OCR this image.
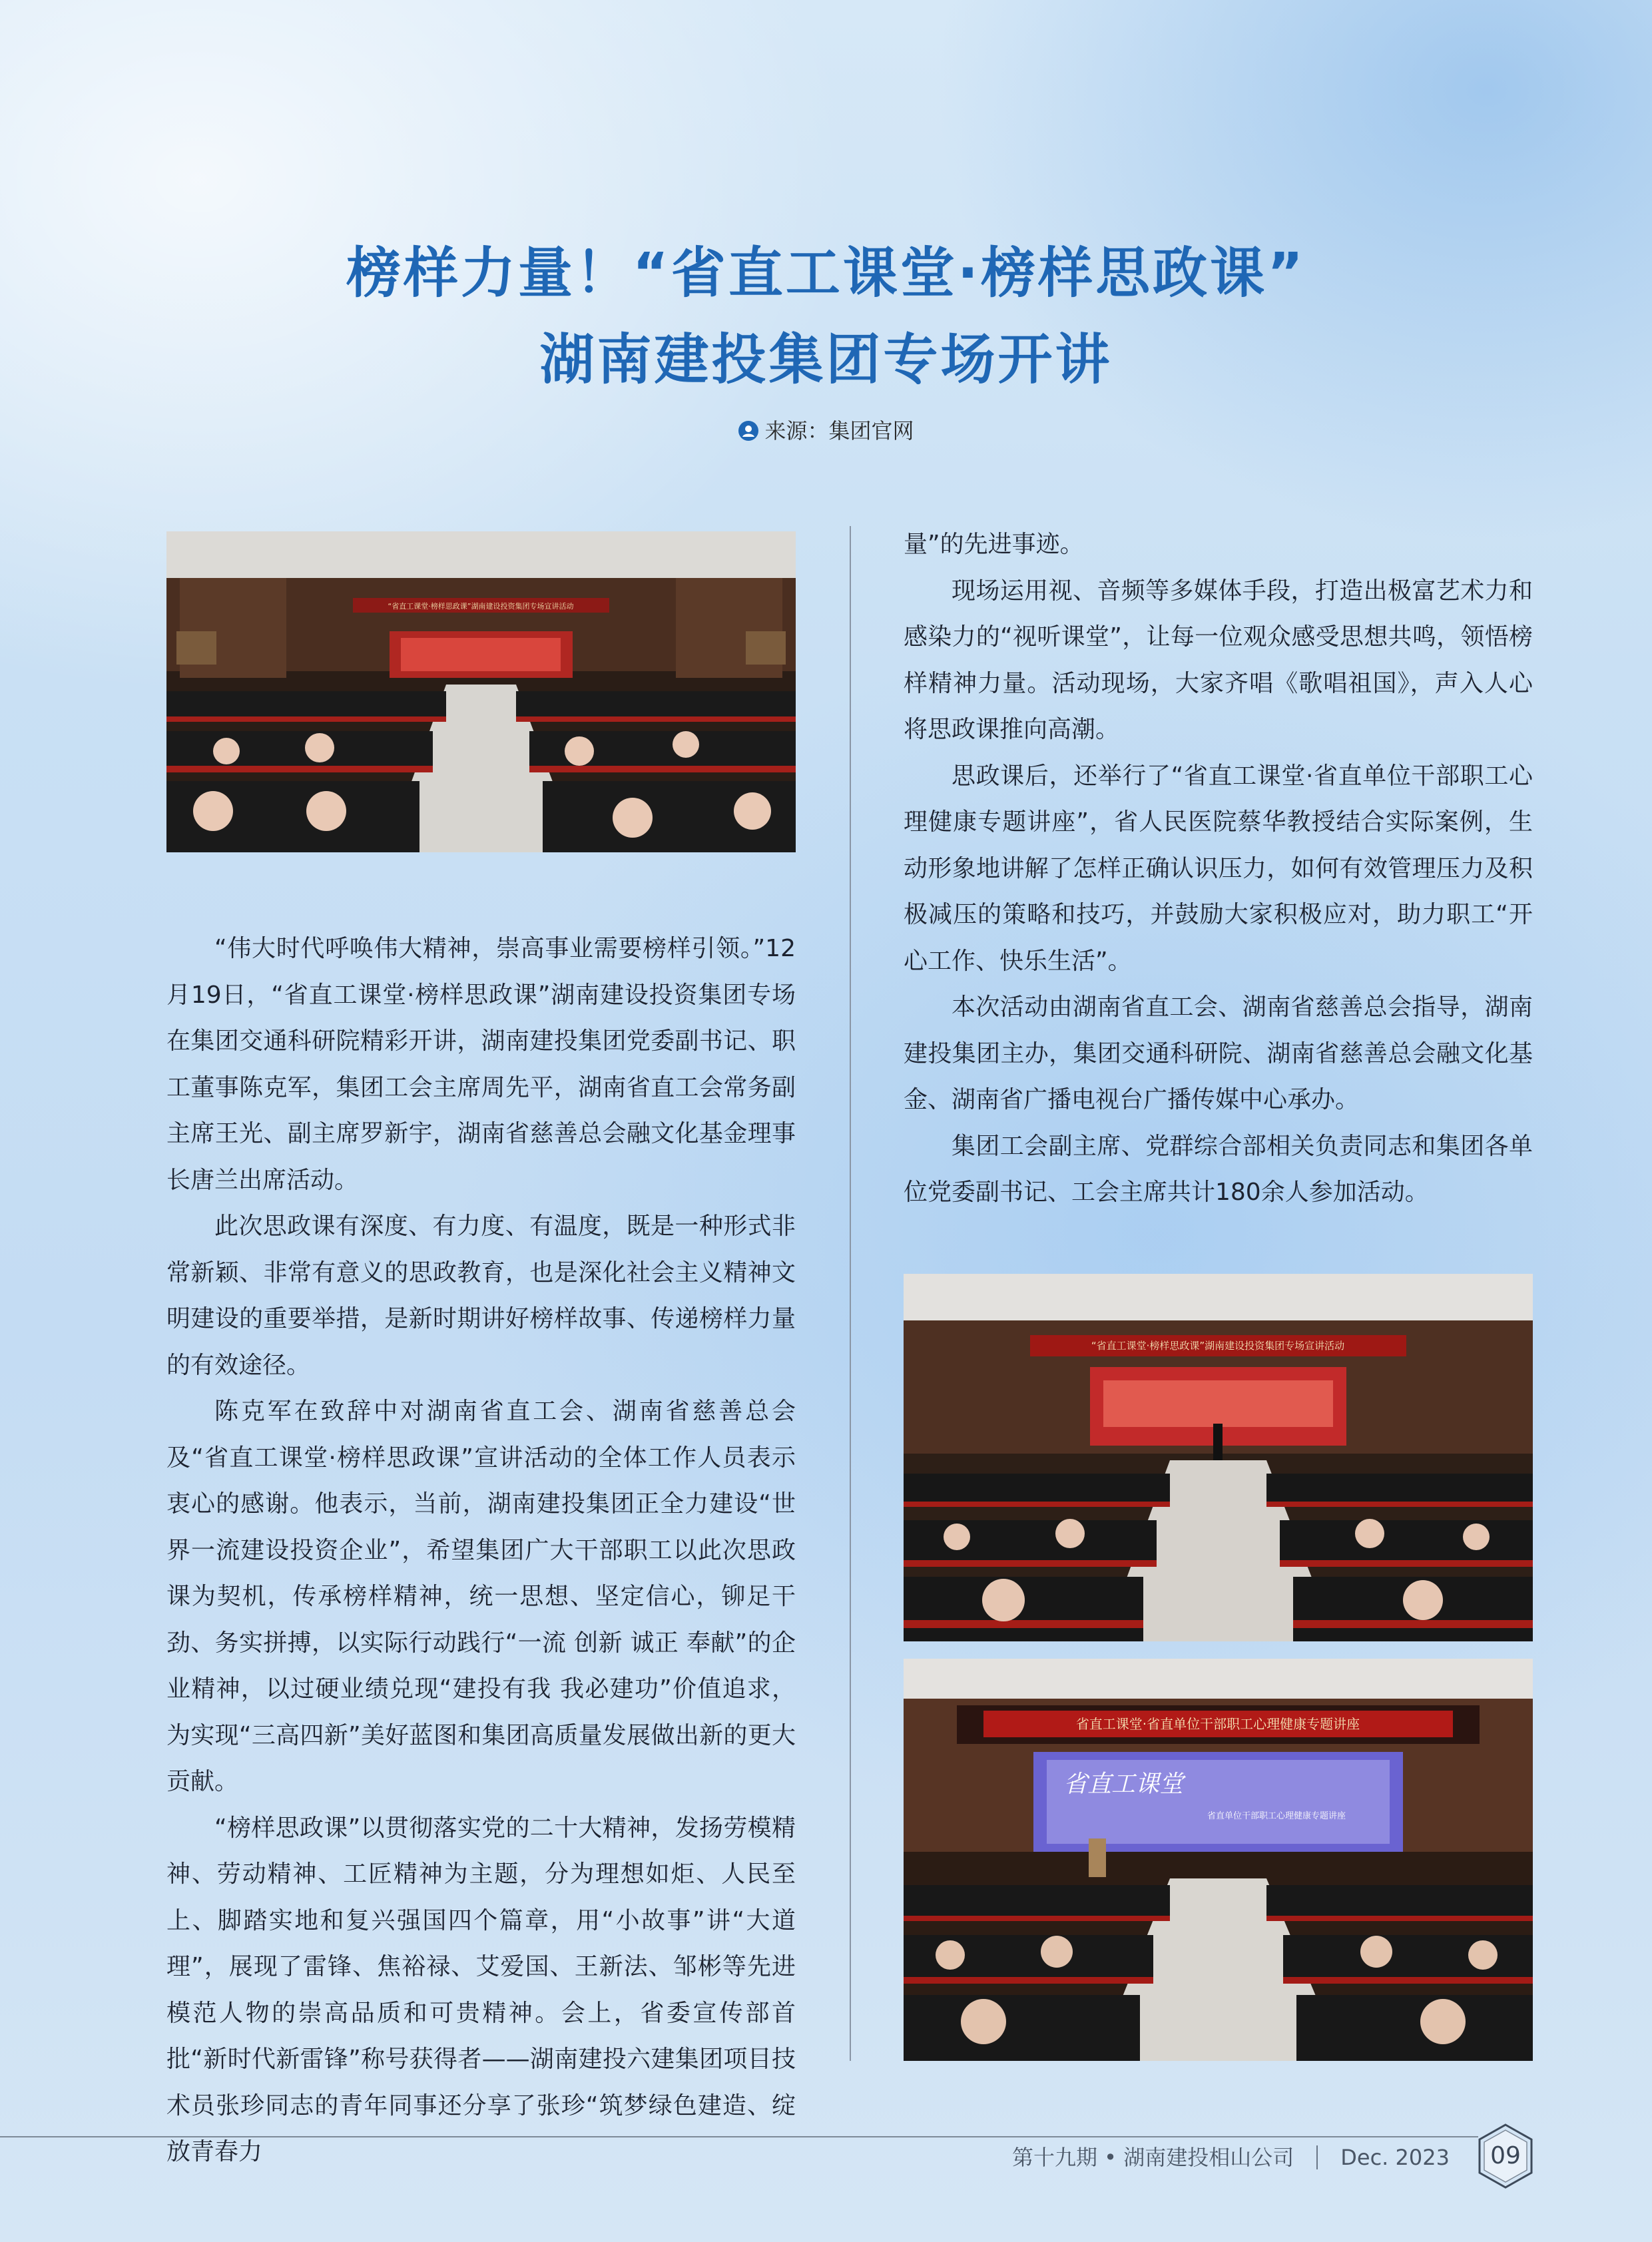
榜样力量！“省直工课堂·榜样思政课”
湖南建投集团专场开讲
来源：集团官网
“省直工课堂·榜样思政课”湖南建设投资集团专场宣讲活动

“伟大时代呼唤伟大精神，崇高事业需要榜样引领。”12月19日，“省直工课堂·榜样思政课”湖南建设投资集团专场在集团交通科研院精彩开讲，湖南建投集团党委副书记、职工董事陈克军，集团工会主席周先平，湖南省直工会常务副主席王光、副主席罗新宇，湖南省慈善总会融文化基金理事长唐兰出席活动。

此次思政课有深度、有力度、有温度，既是一种形式非常新颖、非常有意义的思政教育，也是深化社会主义精神文明建设的重要举措，是新时期讲好榜样故事、传递榜样力量的有效途径。

陈克军在致辞中对湖南省直工会、湖南省慈善总会及“省直工课堂·榜样思政课”宣讲活动的全体工作人员表示衷心的感谢。他表示，当前，湖南建投集团正全力建设“世界一流建设投资企业”，希望集团广大干部职工以此次思政课为契机，传承榜样精神，统一思想、坚定信心，铆足干劲、务实拼搏，以实际行动践行“一流 创新 诚正 奉献”的企业精神，以过硬业绩兑现“建投有我 我必建功”价值追求，为实现“三高四新”美好蓝图和集团高质量发展做出新的更大贡献。

“榜样思政课”以贯彻落实党的二十大精神，发扬劳模精神、劳动精神、工匠精神为主题，分为理想如炬、人民至上、脚踏实地和复兴强国四个篇章，用“小故事”讲“大道理”，展现了雷锋、焦裕禄、艾爱国、王新法、邹彬等先进模范人物的崇高品质和可贵精神。会上，省委宣传部首批“新时代新雷锋”称号获得者——湖南建投六建集团项目技术员张珍同志的青年同事还分享了张珍“筑梦绿色建造、绽放青春力

量”的先进事迹。

现场运用视、音频等多媒体手段，打造出极富艺术力和感染力的“视听课堂”，让每一位观众感受思想共鸣，领悟榜样精神力量。活动现场，大家齐唱《歌唱祖国》，声入人心将思政课推向高潮。

思政课后，还举行了“省直工课堂·省直单位干部职工心理健康专题讲座”，省人民医院蔡华教授结合实际案例，生动形象地讲解了怎样正确认识压力，如何有效管理压力及积极减压的策略和技巧，并鼓励大家积极应对，助力职工“开心工作、快乐生活”。

本次活动由湖南省直工会、湖南省慈善总会指导，湖南建投集团主办，集团交通科研院、湖南省慈善总会融文化基金、湖南省广播电视台广播传媒中心承办。

集团工会副主席、党群综合部相关负责同志和集团各单位党委副书记、工会主席共计180余人参加活动。

“省直工课堂·榜样思政课”湖南建设投资集团专场宣讲活动
省直工课堂·省直单位干部职工心理健康专题讲座
省直工课堂
省直单位干部职工心理健康专题讲座
第十九期 • 湖南建投相山公司 Dec. 2023	09
